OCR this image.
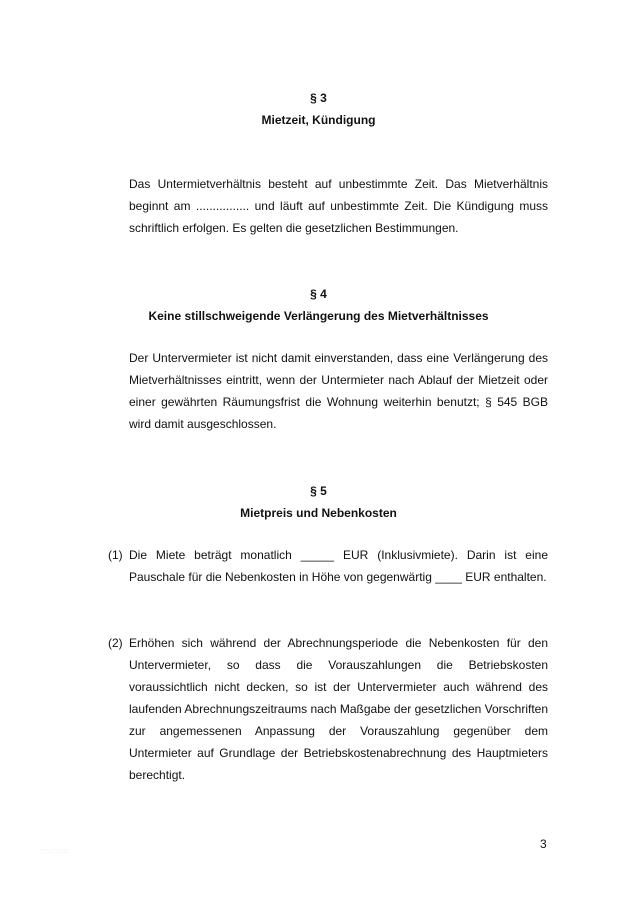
§ 3
Mietzeit, Kündigung
Das Untermietverhältnis besteht auf unbestimmte Zeit. Das Mietverhältnis beginnt am ................ und läuft auf unbestimmte Zeit. Die Kündigung muss schriftlich erfolgen. Es gelten die gesetzlichen Bestimmungen.
§ 4
Keine stillschweigende Verlängerung des Mietverhältnisses
Der Untervermieter ist nicht damit einverstanden, dass eine Verlängerung des Mietverhältnisses eintritt, wenn der Untermieter nach Ablauf der Mietzeit oder einer gewährten Räumungsfrist die Wohnung weiterhin benutzt; § 545 BGB wird damit ausgeschlossen.
§ 5
Mietpreis und Nebenkosten
(1) Die Miete beträgt monatlich _____ EUR (Inklusivmiete). Darin ist eine Pauschale für die Nebenkosten in Höhe von gegenwärtig ____ EUR enthalten.
(2) Erhöhen sich während der Abrechnungsperiode die Nebenkosten für den Untervermieter, so dass die Vorauszahlungen die Betriebskosten voraussichtlich nicht decken, so ist der Untervermieter auch während des laufenden Abrechnungszeitraums nach Maßgabe der gesetzlichen Vorschriften zur angemessenen Anpassung der Vorauszahlung gegenüber dem Untermieter auf Grundlage der Betriebskostenabrechnung des Hauptmieters berechtigt.
3
▭▭▭
